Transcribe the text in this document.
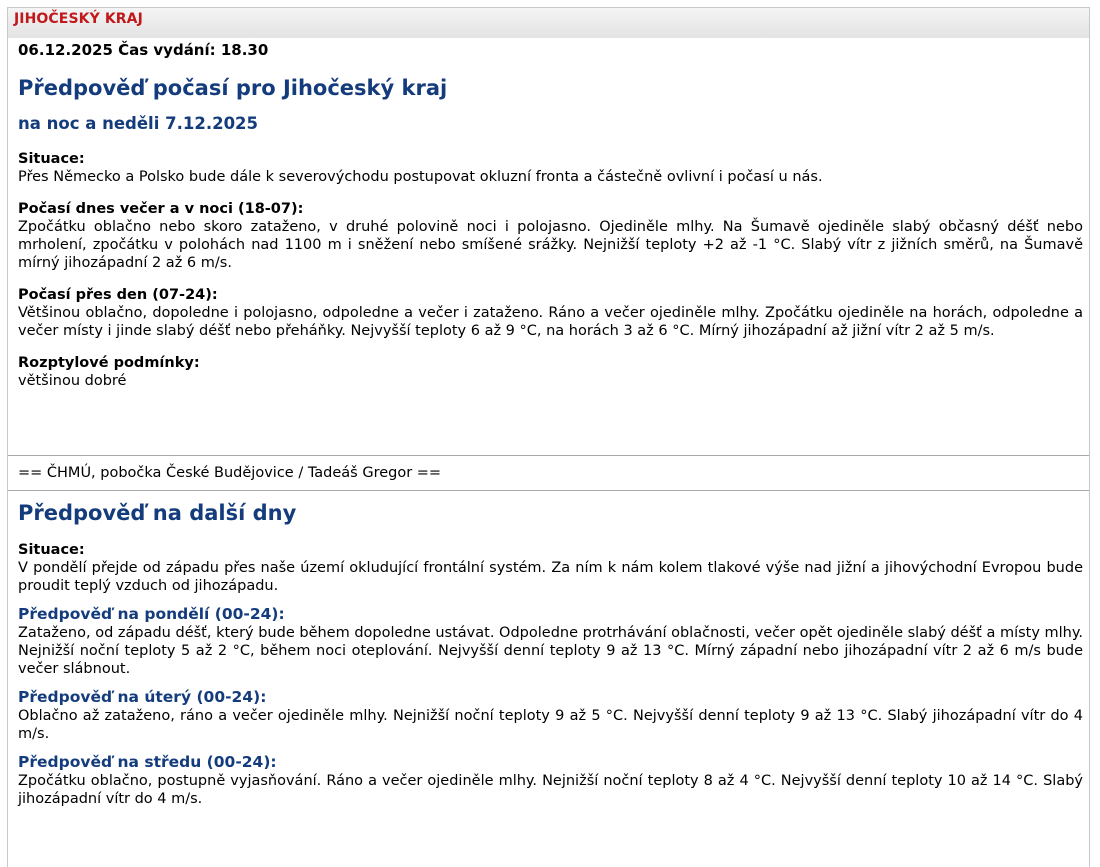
JIHOČESKÝ KRAJ
06.12.2025 Čas vydání: 18.30
Předpověď počasí pro Jihočeský kraj
na noc a neděli 7.12.2025
Situace:
Přes Německo a Polsko bude dále k severovýchodu postupovat okluzní fronta a částečně ovlivní i počasí u nás.
Počasí dnes večer a v noci (18-07):
Zpočátku oblačno nebo skoro zataženo, v druhé polovině noci i polojasno. Ojediněle mlhy. Na Šumavě ojediněle slabý občasný déšť nebo mrholení, zpočátku v polohách nad 1100 m i sněžení nebo smíšené srážky. Nejnižší teploty +2 až -1 °C. Slabý vítr z jižních směrů, na Šumavě mírný jihozápadní 2 až 6 m/s.
Počasí přes den (07-24):
Většinou oblačno, dopoledne i polojasno, odpoledne a večer i zataženo. Ráno a večer ojediněle mlhy. Zpočátku ojediněle na horách, odpoledne a večer místy i jinde slabý déšť nebo přeháňky. Nejvyšší teploty 6 až 9 °C, na horách 3 až 6 °C. Mírný jihozápadní až jižní vítr 2 až 5 m/s.
Rozptylové podmínky:
většinou dobré
== ČHMÚ, pobočka České Budějovice / Tadeáš Gregor ==
Předpověď na další dny
Situace:
V pondělí přejde od západu přes naše území okludující frontální systém. Za ním k nám kolem tlakové výše nad jižní a jihovýchodní Evropou bude proudit teplý vzduch od jihozápadu.
Předpověď na pondělí (00-24):
Zataženo, od západu déšť, který bude během dopoledne ustávat. Odpoledne protrhávání oblačnosti, večer opět ojediněle slabý déšť a místy mlhy. Nejnižší noční teploty 5 až 2 °C, během noci oteplování. Nejvyšší denní teploty 9 až 13 °C. Mírný západní nebo jihozápadní vítr 2 až 6 m/s bude večer slábnout.
Předpověď na úterý (00-24):
Oblačno až zataženo, ráno a večer ojediněle mlhy. Nejnižší noční teploty 9 až 5 °C. Nejvyšší denní teploty 9 až 13 °C. Slabý jihozápadní vítr do 4 m/s.
Předpověď na středu (00-24):
Zpočátku oblačno, postupně vyjasňování. Ráno a večer ojediněle mlhy. Nejnižší noční teploty 8 až 4 °C. Nejvyšší denní teploty 10 až 14 °C. Slabý jihozápadní vítr do 4 m/s.
